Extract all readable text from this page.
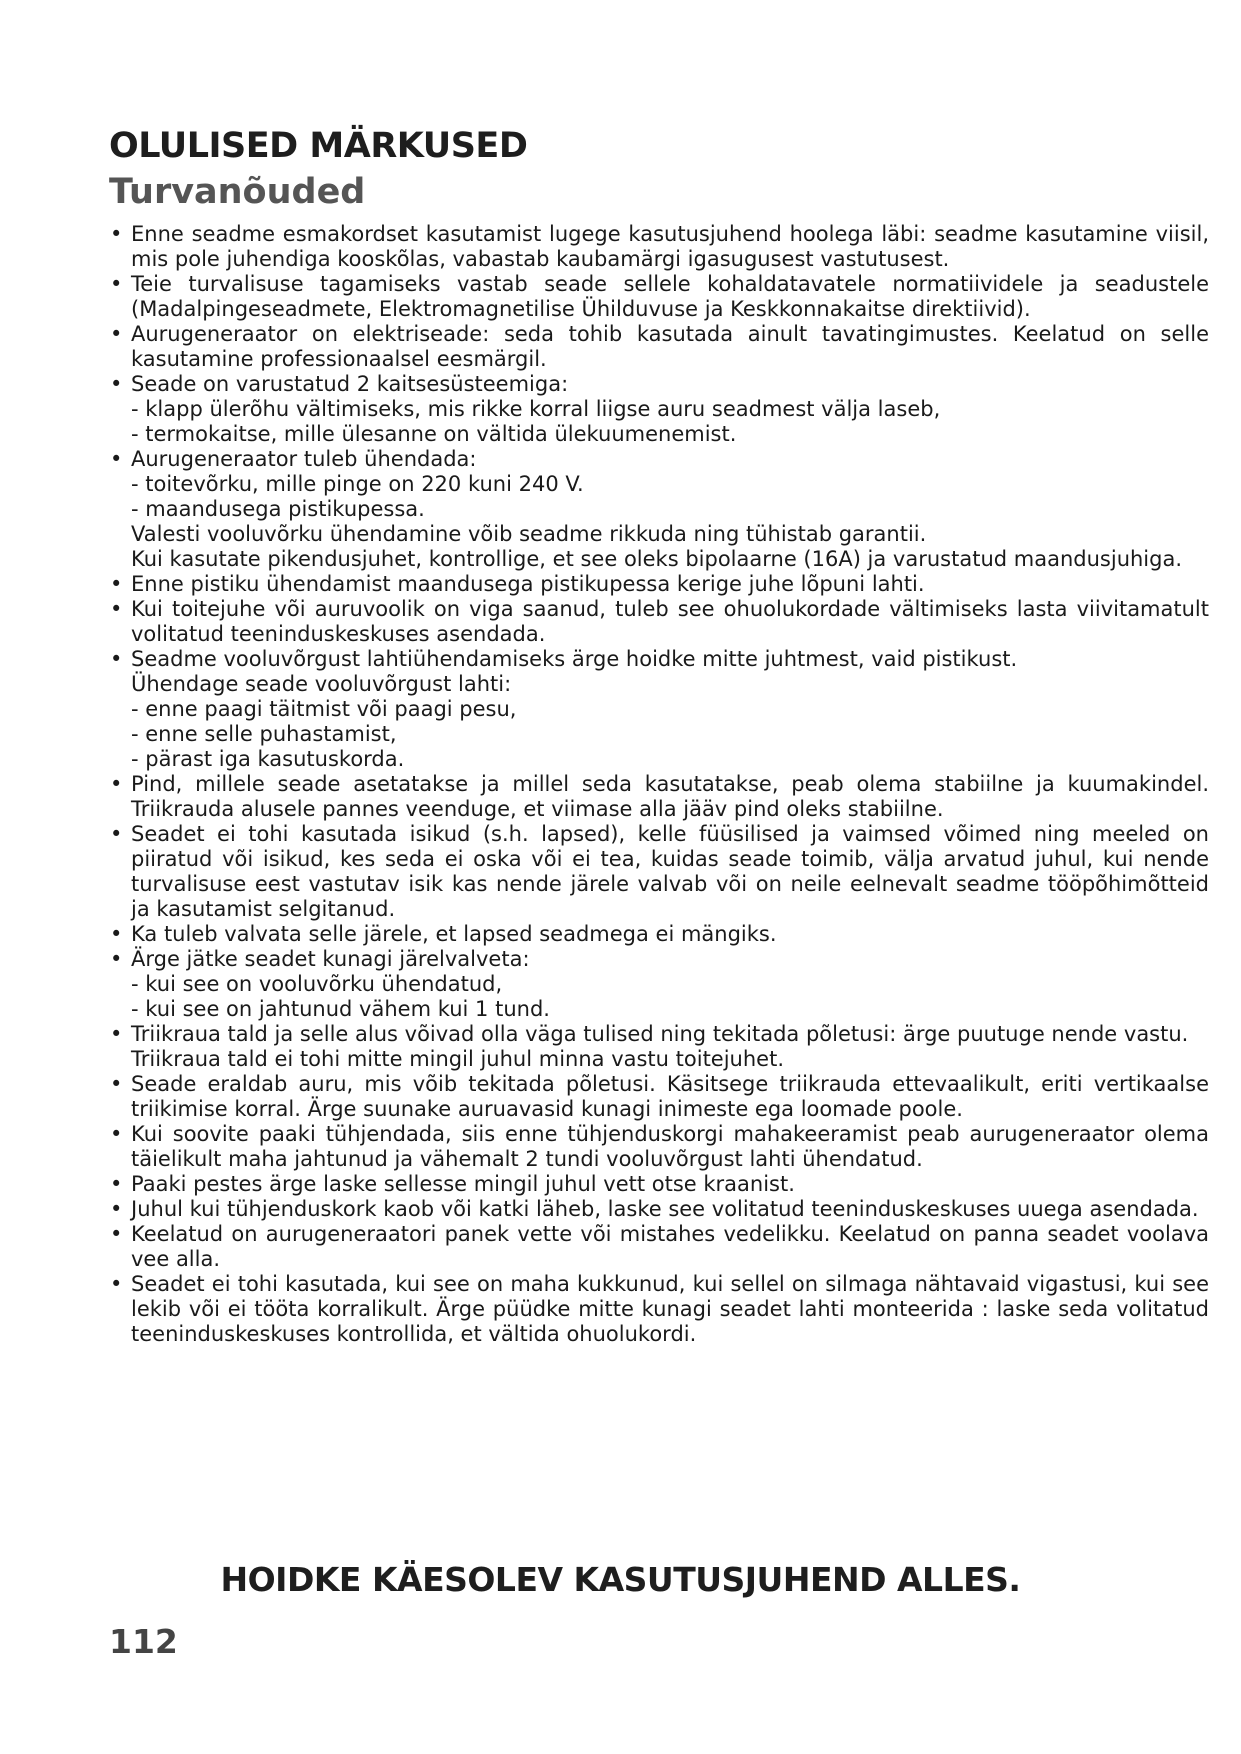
OLULISED MÄRKUSED
Turvanõuded
• Enne seadme esmakordset kasutamist lugege kasutusjuhend hoolega läbi: seadme kasutamine viisil, mis pole juhendiga kooskõlas, vabastab kaubamärgi igasugusest vastutusest.
• Teie turvalisuse tagamiseks vastab seade sellele kohaldatavatele normatiividele ja seadustele (Madalpingeseadmete, Elektromagnetilise Ühilduvuse ja Keskkonnakaitse direktiivid).
• Aurugeneraator on elektriseade: seda tohib kasutada ainult tavatingimustes. Keelatud on selle kasutamine professionaalsel eesmärgil.
• Seade on varustatud 2 kaitsesüsteemiga:
- klapp ülerõhu vältimiseks, mis rikke korral liigse auru seadmest välja laseb,
- termokaitse, mille ülesanne on vältida ülekuumenemist.
• Aurugeneraator tuleb ühendada:
- toitevõrku, mille pinge on 220 kuni 240 V.
- maandusega pistikupessa.
Valesti vooluvõrku ühendamine võib seadme rikkuda ning tühistab garantii.
Kui kasutate pikendusjuhet, kontrollige, et see oleks bipolaarne (16A) ja varustatud maandusjuhiga.
• Enne pistiku ühendamist maandusega pistikupessa kerige juhe lõpuni lahti.
• Kui toitejuhe või auruvoolik on viga saanud, tuleb see ohuolukordade vältimiseks lasta viivitamatult volitatud teeninduskeskuses asendada.
• Seadme vooluvõrgust lahtiühendamiseks ärge hoidke mitte juhtmest, vaid pistikust.
Ühendage seade vooluvõrgust lahti:
- enne paagi täitmist või paagi pesu,
- enne selle puhastamist,
- pärast iga kasutuskorda.
• Pind, millele seade asetatakse ja millel seda kasutatakse, peab olema stabiilne ja kuumakindel. Triikrauda alusele pannes veenduge, et viimase alla jääv pind oleks stabiilne.
• Seadet ei tohi kasutada isikud (s.h. lapsed), kelle füüsilised ja vaimsed võimed ning meeled on piiratud või isikud, kes seda ei oska või ei tea, kuidas seade toimib, välja arvatud juhul, kui nende turvalisuse eest vastutav isik kas nende järele valvab või on neile eelnevalt seadme tööpõhimõtteid ja kasutamist selgitanud.
• Ka tuleb valvata selle järele, et lapsed seadmega ei mängiks.
• Ärge jätke seadet kunagi järelvalveta:
- kui see on vooluvõrku ühendatud,
- kui see on jahtunud vähem kui 1 tund.
• Triikraua tald ja selle alus võivad olla väga tulised ning tekitada põletusi: ärge puutuge nende vastu.
Triikraua tald ei tohi mitte mingil juhul minna vastu toitejuhet.
• Seade eraldab auru, mis võib tekitada põletusi. Käsitsege triikrauda ettevaalikult, eriti vertikaalse triikimise korral. Ärge suunake auruavasid kunagi inimeste ega loomade poole.
• Kui soovite paaki tühjendada, siis enne tühjenduskorgi mahakeeramist peab aurugeneraator olema täielikult maha jahtunud ja vähemalt 2 tundi vooluvõrgust lahti ühendatud.
• Paaki pestes ärge laske sellesse mingil juhul vett otse kraanist.
• Juhul kui tühjenduskork kaob või katki läheb, laske see volitatud teeninduskeskuses uuega asendada.
• Keelatud on aurugeneraatori panek vette või mistahes vedelikku. Keelatud on panna seadet voolava vee alla.
• Seadet ei tohi kasutada, kui see on maha kukkunud, kui sellel on silmaga nähtavaid vigastusi, kui see lekib või ei tööta korralikult. Ärge püüdke mitte kunagi seadet lahti monteerida : laske seda volitatud teeninduskeskuses kontrollida, et vältida ohuolukordi.

HOIDKE KÄESOLEV KASUTUSJUHEND ALLES.

112
